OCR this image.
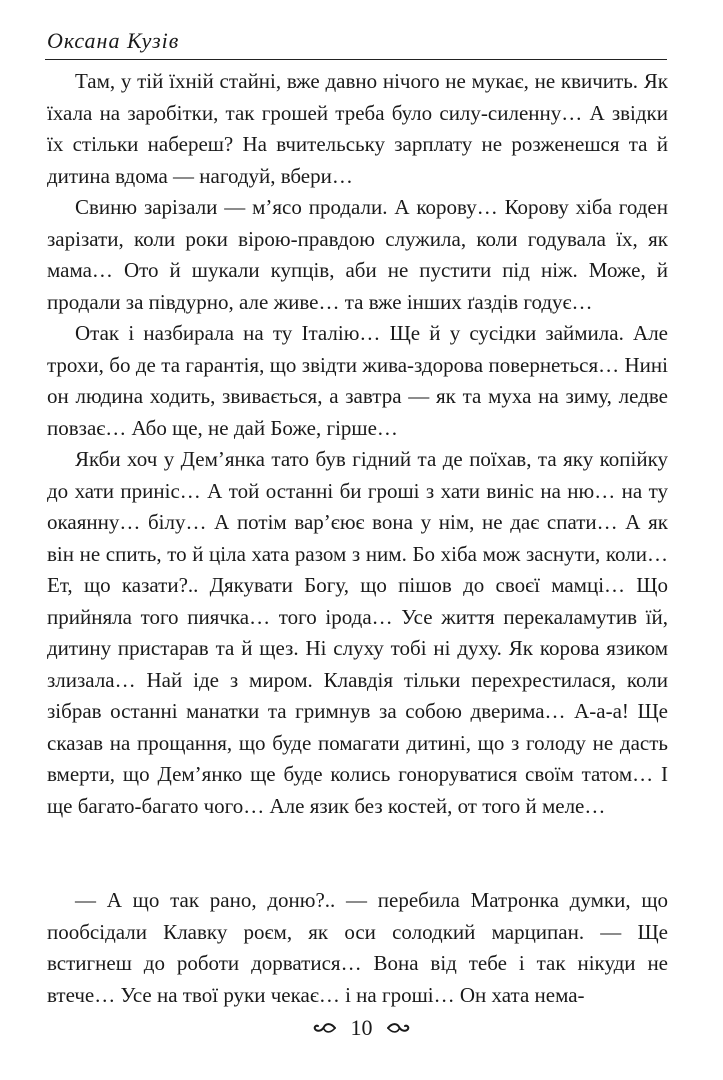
Оксана Кузів

Там, у тій їхній стайні, вже давно нічого не мукає, не квичить. Як їхала на заробітки, так грошей треба було силу-силенну… А звідки їх стільки набереш? На вчительську зарплату не розженешся та й дитина вдома — нагодуй, вбери…

Свиню зарізали — м’ясо продали. А корову… Корову хіба годен зарізати, коли роки вірою-правдою служила, коли годувала їх, як мама… Ото й шукали купців, аби не пустити під ніж. Може, й продали за півдурно, але живе… та вже інших ґаздів годує…

Отак і назбирала на ту Італію… Ще й у сусідки займила. Але трохи, бо де та гарантія, що звідти жива-здорова повернеться… Нині он людина ходить, звивається, а завтра — як та муха на зиму, ледве повзає… Або ще, не дай Боже, гірше…

Якби хоч у Дем’янка тато був гідний та де поїхав, та яку копійку до хати приніс… А той останні би гроші з хати виніс на ню… на ту окаянну… білу… А потім вар’єює вона у нім, не дає спати… А як він не спить, то й ціла хата разом з ним. Бо хіба мож заснути, коли… Ет, що казати?.. Дякувати Богу, що пішов до своєї мамці… Що прийняла того пиячка… того ірода… Усе життя перекаламутив їй, дитину пристарав та й щез. Ні слуху тобі ні духу. Як корова язиком злизала… Най іде з миром. Клавдія тільки перехрестилася, коли зібрав останні манатки та гримнув за собою дверима… А-а-а! Ще сказав на прощання, що буде помагати дитині, що з голоду не дасть вмерти, що Дем’янко ще буде колись гоноруватися своїм татом… І ще багато-багато чого… Але язик без костей, от того й меле…

— А що так рано, доню?.. — перебила Матронка думки, що пообсідали Клавку роєм, як оси солодкий марципан. — Ще встигнеш до роботи дорватися… Вона від тебе і так нікуди не втече… Усе на твої руки чекає… і на гроші… Он хата нема-

10
